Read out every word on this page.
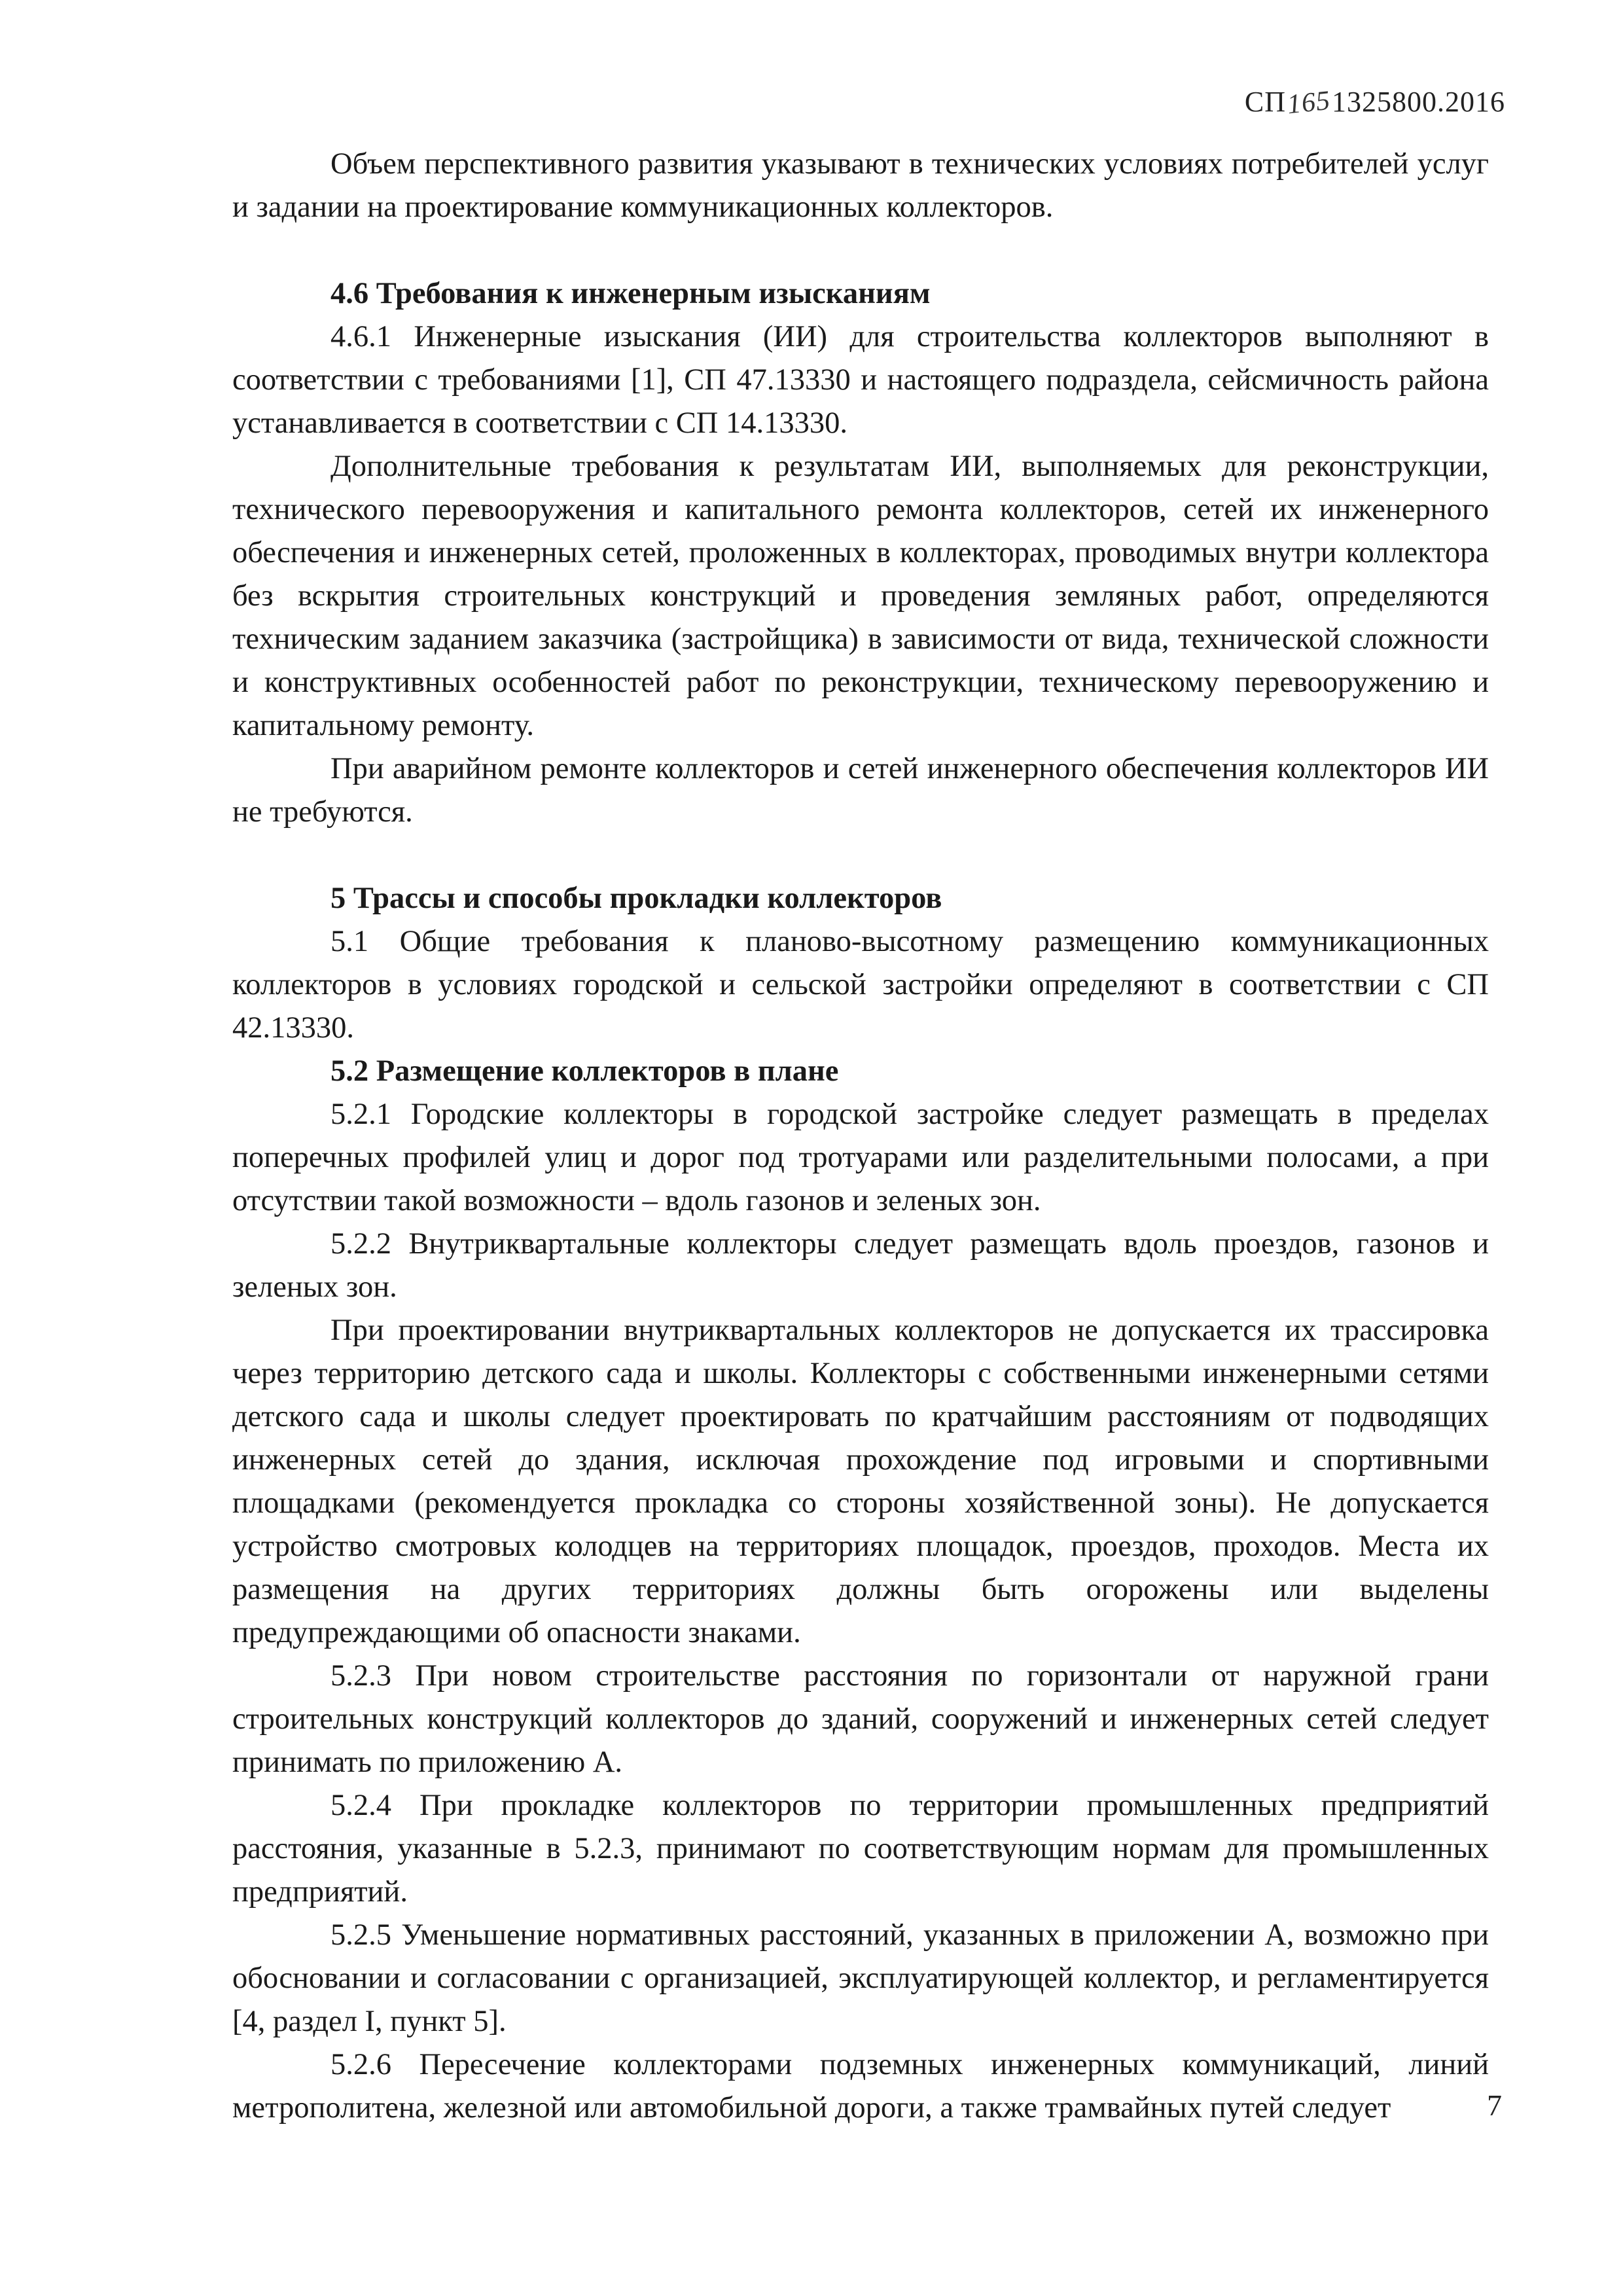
СП1651325800.2016

Объем перспективного развития указывают в технических условиях потребителей услуг и задании на проектирование коммуникационных коллекторов.

4.6 Требования к инженерным изысканиям

4.6.1 Инженерные изыскания (ИИ) для строительства коллекторов выполняют в соответствии с требованиями [1], СП 47.13330 и настоящего подраздела, сейсмичность района устанавливается в соответствии с СП 14.13330.

Дополнительные требования к результатам ИИ, выполняемых для реконструкции, технического перевооружения и капитального ремонта коллекторов, сетей их инженерного обеспечения и инженерных сетей, проложенных в коллекторах, проводимых внутри коллектора без вскрытия строительных конструкций и проведения земляных работ, определяются техническим заданием заказчика (застройщика) в зависимости от вида, технической сложности и конструктивных особенностей работ по реконструкции, техническому перевооружению и капитальному ремонту.

При аварийном ремонте коллекторов и сетей инженерного обеспечения коллекторов ИИ не требуются.

5 Трассы и способы прокладки коллекторов

5.1 Общие требования к планово-высотному размещению коммуникационных коллекторов в условиях городской и сельской застройки определяют в соответствии с СП 42.13330.

5.2 Размещение коллекторов в плане

5.2.1 Городские коллекторы в городской застройке следует размещать в пределах поперечных профилей улиц и дорог под тротуарами или разделительными полосами, а при отсутствии такой возможности – вдоль газонов и зеленых зон.

5.2.2 Внутриквартальные коллекторы следует размещать вдоль проездов, газонов и зеленых зон.

При проектировании внутриквартальных коллекторов не допускается их трассировка через территорию детского сада и школы. Коллекторы с собственными инженерными сетями детского сада и школы следует проектировать по кратчайшим расстояниям от подводящих инженерных сетей до здания, исключая прохождение под игровыми и спортивными площадками (рекомендуется прокладка со стороны хозяйственной зоны). Не допускается устройство смотровых колодцев на территориях площадок, проездов, проходов. Места их размещения на других территориях должны быть огорожены или выделены предупреждающими об опасности знаками.

5.2.3 При новом строительстве расстояния по горизонтали от наружной грани строительных конструкций коллекторов до зданий, сооружений и инженерных сетей следует принимать по приложению А.

5.2.4 При прокладке коллекторов по территории промышленных предприятий расстояния, указанные в 5.2.3, принимают по соответствующим нормам для промышленных предприятий.

5.2.5 Уменьшение нормативных расстояний, указанных в приложении А, возможно при обосновании и согласовании с организацией, эксплуатирующей коллектор, и регламентируется [4, раздел I, пункт 5].

5.2.6 Пересечение коллекторами подземных инженерных коммуникаций, линий метрополитена, железной или автомобильной дороги, а также трамвайных путей следует	7
